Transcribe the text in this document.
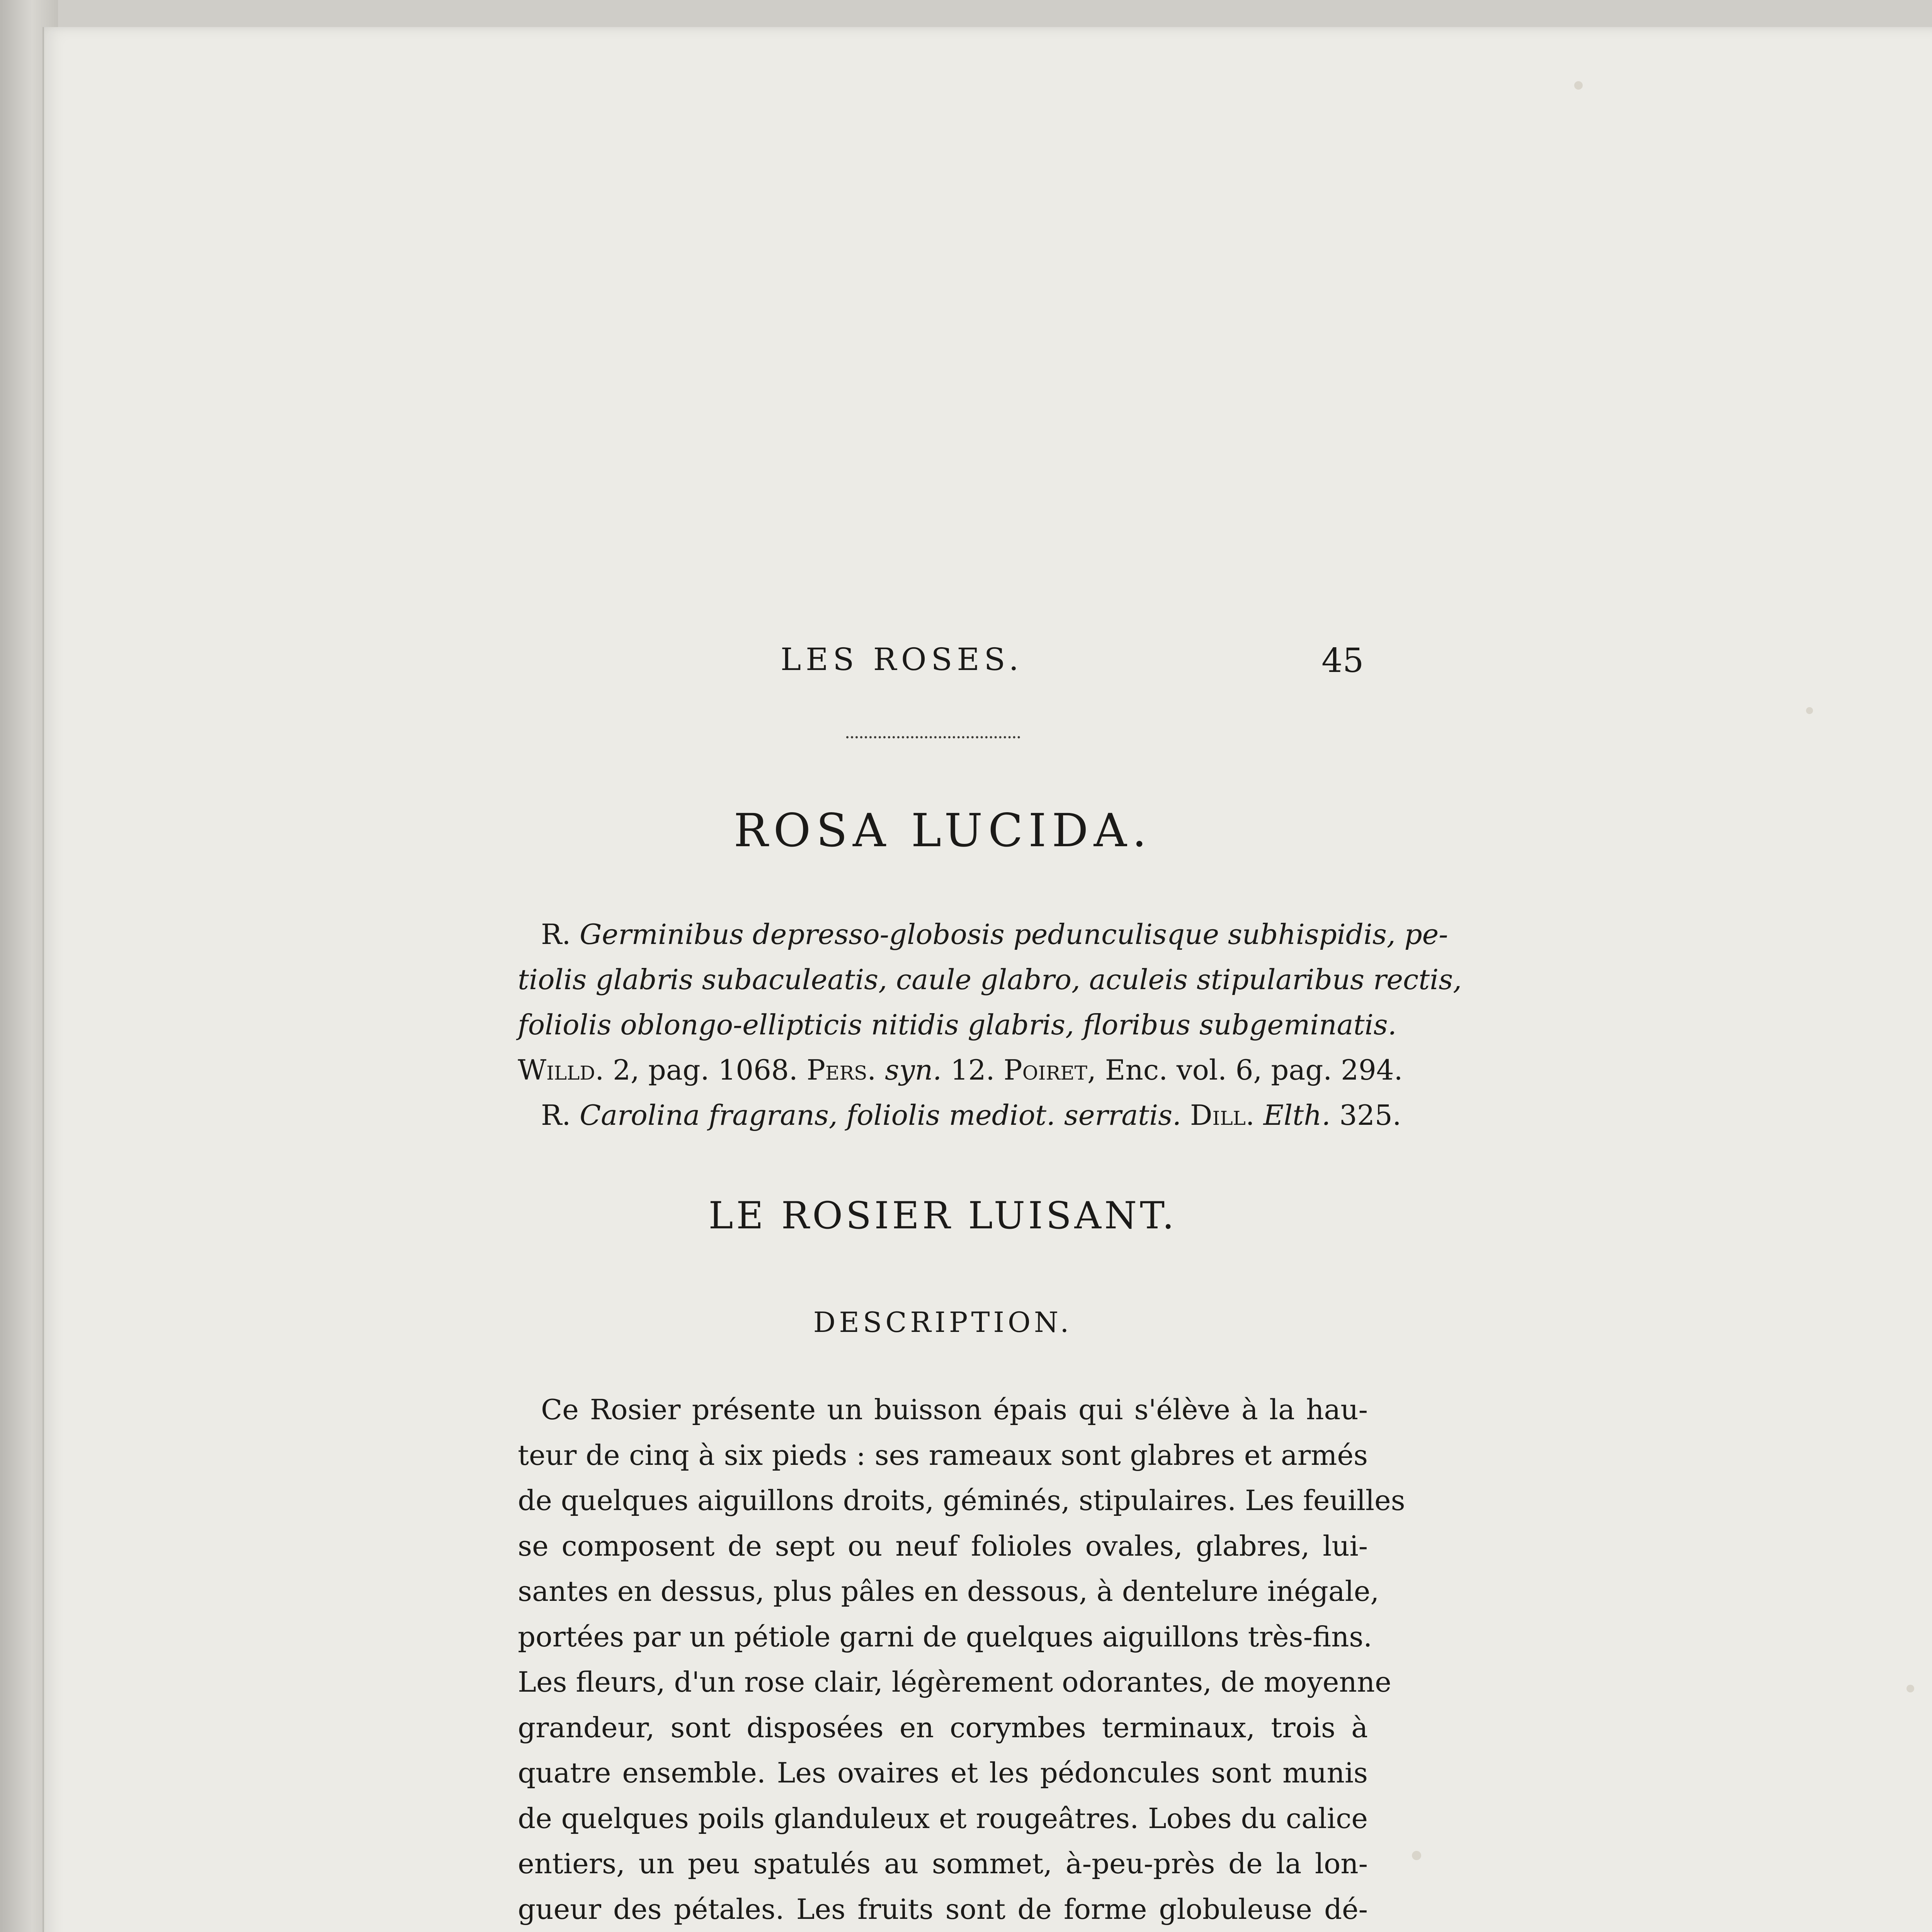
LES ROSES.	45
ROSA LUCIDA.
R. Germinibus depresso-globosis pedunculisque subhispidis, pe-
tiolis glabris subaculeatis, caule glabro, aculeis stipularibus rectis,
foliolis oblongo-ellipticis nitidis glabris, floribus subgeminatis.
Willd. 2, pag. 1068. Pers. syn. 12. Poiret, Enc. vol. 6, pag. 294.
R. Carolina fragrans, foliolis mediot. serratis. Dill. Elth. 325.
LE ROSIER LUISANT.
DESCRIPTION.
Ce Rosier présente un buisson épais qui s'élève à la hau-
teur de cinq à six pieds : ses rameaux sont glabres et armés
de quelques aiguillons droits, géminés, stipulaires. Les feuilles
se composent de sept ou neuf folioles ovales, glabres, lui-
santes en dessus, plus pâles en dessous, à dentelure inégale,
portées par un pétiole garni de quelques aiguillons très-fins.
Les fleurs, d'un rose clair, légèrement odorantes, de moyenne
grandeur, sont disposées en corymbes terminaux, trois à
quatre ensemble. Les ovaires et les pédoncules sont munis
de quelques poils glanduleux et rougeâtres. Lobes du calice
entiers, un peu spatulés au sommet, à-peu-près de la lon-
gueur des pétales. Les fruits sont de forme globuleuse dé-
